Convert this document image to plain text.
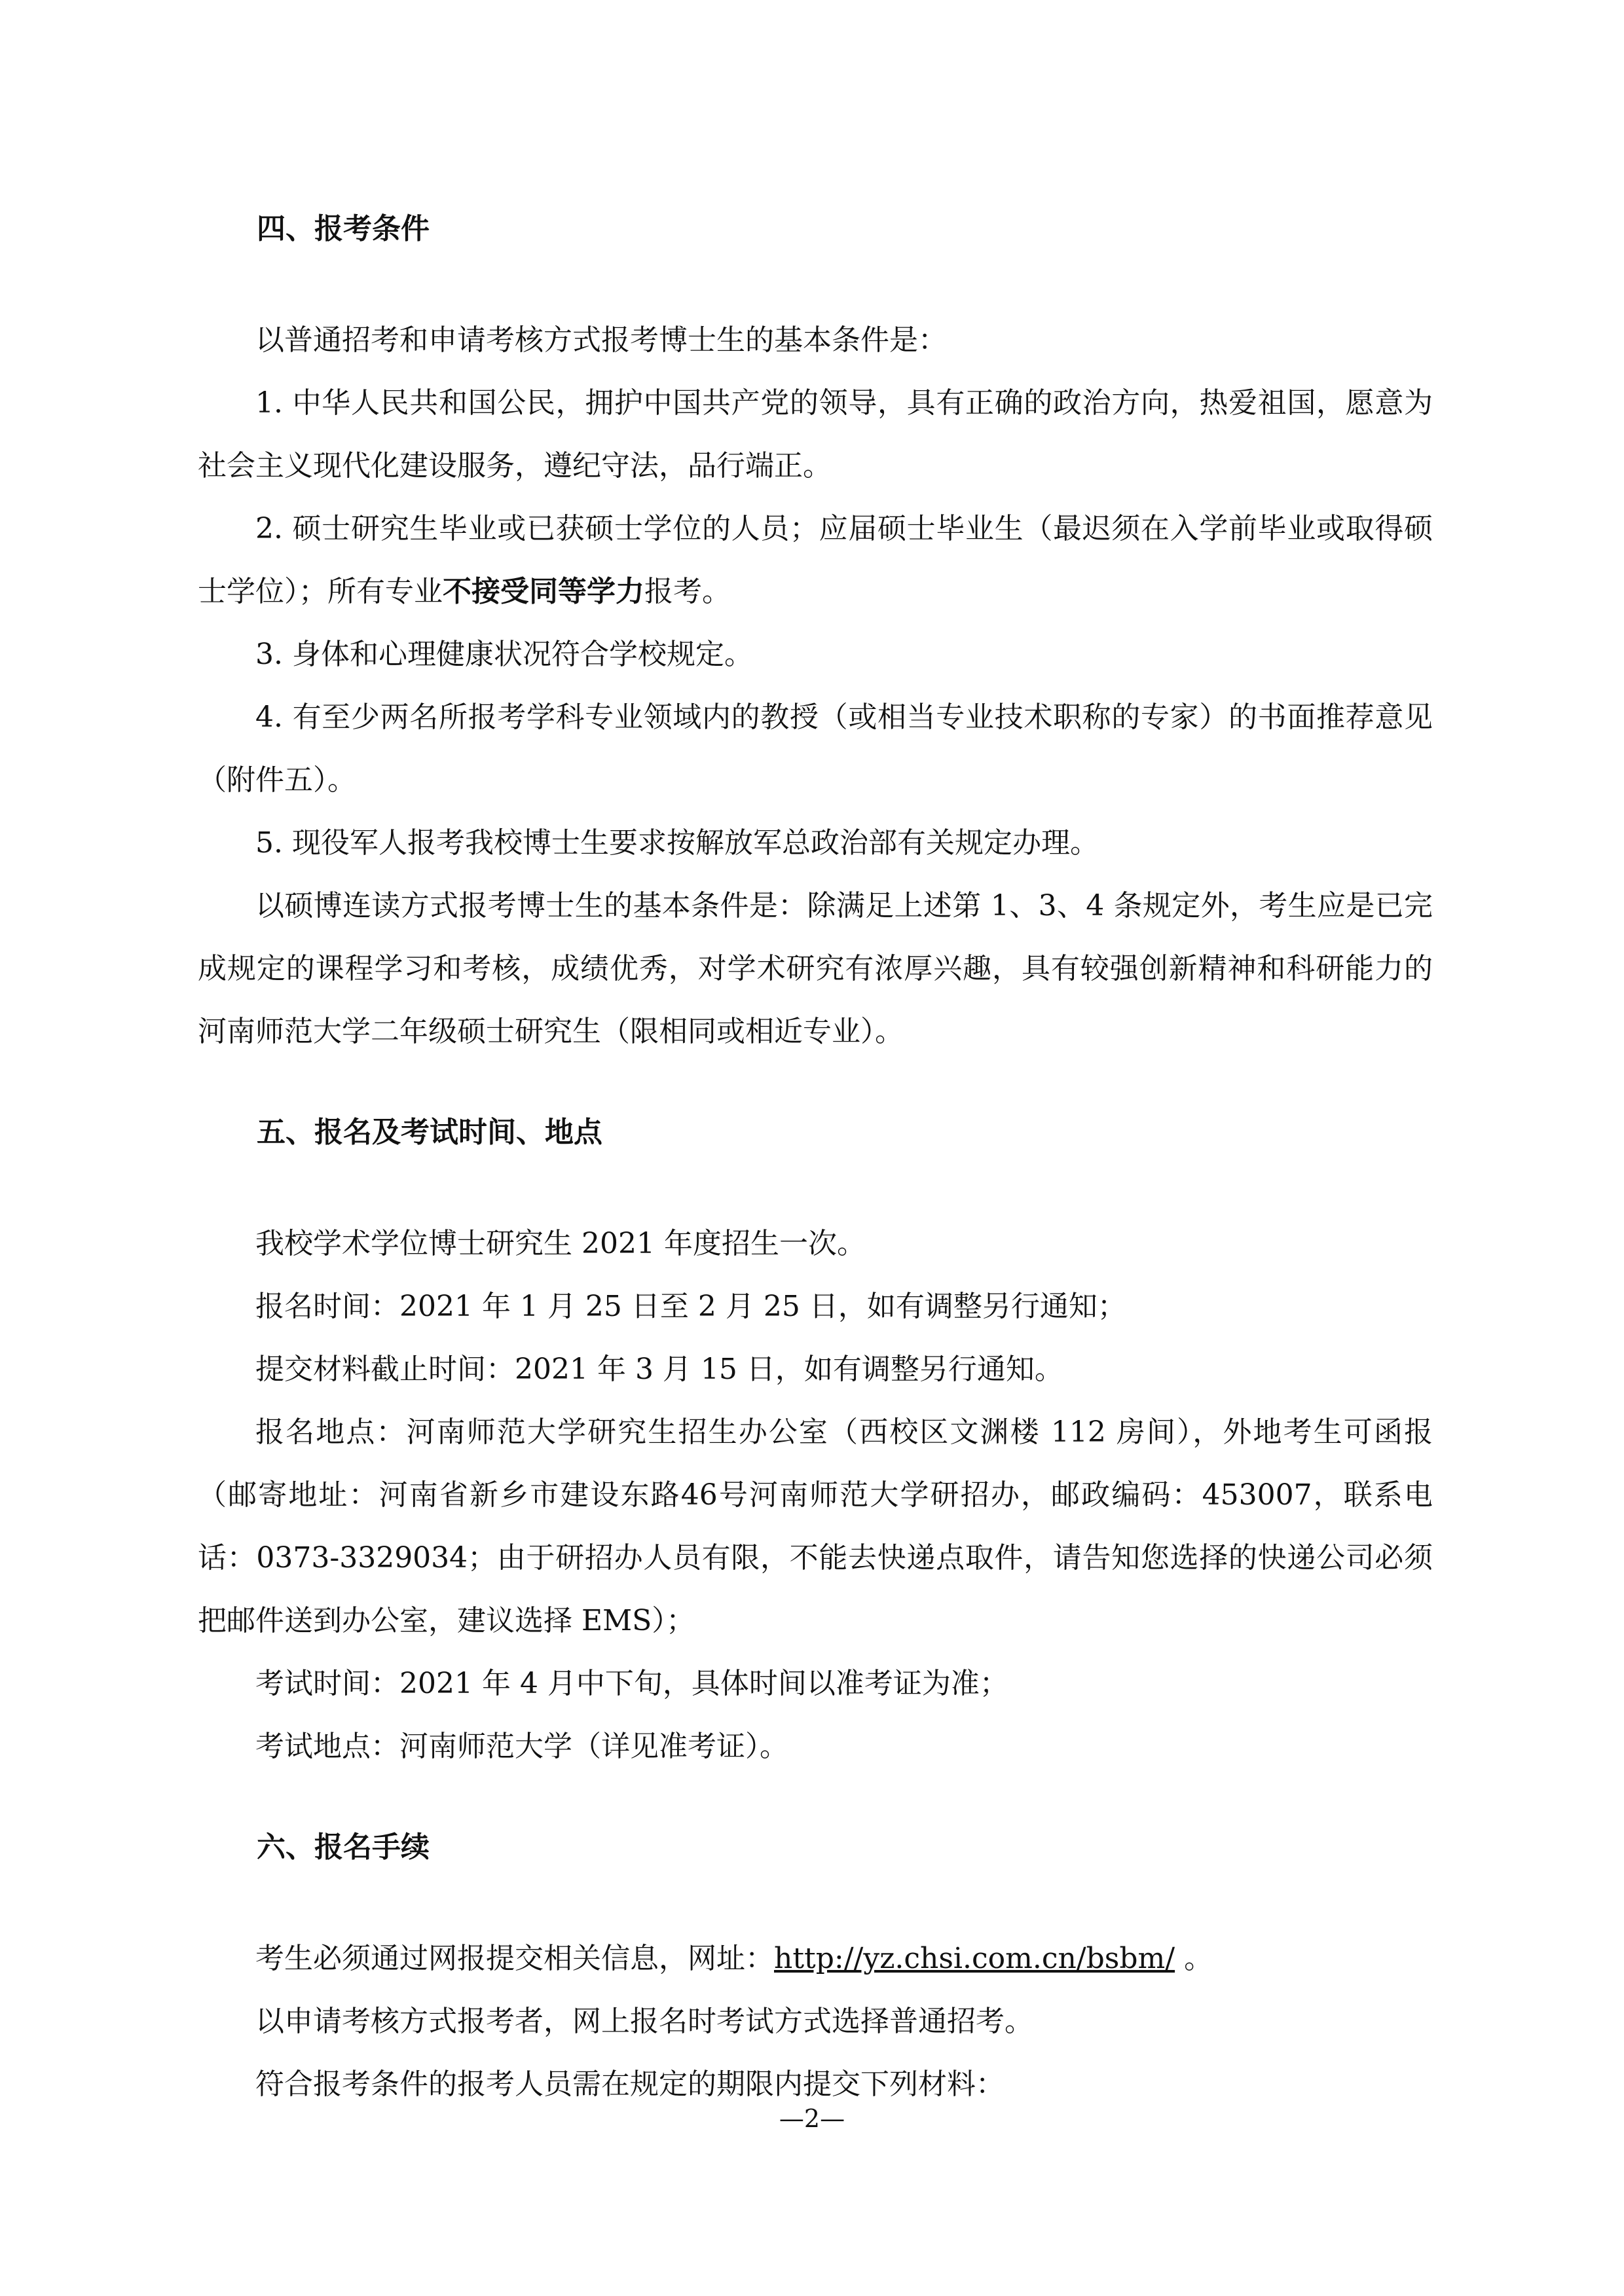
四、报考条件

以普通招考和申请考核方式报考博士生的基本条件是：

1. 中华人民共和国公民，拥护中国共产党的领导，具有正确的政治方向，热爱祖国，愿意为社会主义现代化建设服务，遵纪守法，品行端正。

2. 硕士研究生毕业或已获硕士学位的人员；应届硕士毕业生（最迟须在入学前毕业或取得硕士学位）；所有专业不接受同等学力报考。

3. 身体和心理健康状况符合学校规定。

4. 有至少两名所报考学科专业领域内的教授（或相当专业技术职称的专家）的书面推荐意见（附件五）。

5. 现役军人报考我校博士生要求按解放军总政治部有关规定办理。

以硕博连读方式报考博士生的基本条件是：除满足上述第 1、3、4 条规定外，考生应是已完成规定的课程学习和考核，成绩优秀，对学术研究有浓厚兴趣，具有较强创新精神和科研能力的河南师范大学二年级硕士研究生（限相同或相近专业）。

五、报名及考试时间、地点

我校学术学位博士研究生 2021 年度招生一次。

报名时间：2021 年 1 月 25 日至 2 月 25 日，如有调整另行通知；

提交材料截止时间：2021 年 3 月 15 日，如有调整另行通知。

报名地点：河南师范大学研究生招生办公室（西校区文渊楼 112 房间），外地考生可函报（邮寄地址：河南省新乡市建设东路46号河南师范大学研招办，邮政编码：453007，联系电话：0373-3329034；由于研招办人员有限，不能去快递点取件，请告知您选择的快递公司必须把邮件送到办公室，建议选择 EMS）；

考试时间：2021 年 4 月中下旬，具体时间以准考证为准；

考试地点：河南师范大学（详见准考证）。

六、报名手续

考生必须通过网报提交相关信息，网址：http://yz.chsi.com.cn/bsbm/ 。

以申请考核方式报考者，网上报名时考试方式选择普通招考。

符合报考条件的报考人员需在规定的期限内提交下列材料：

—2—
